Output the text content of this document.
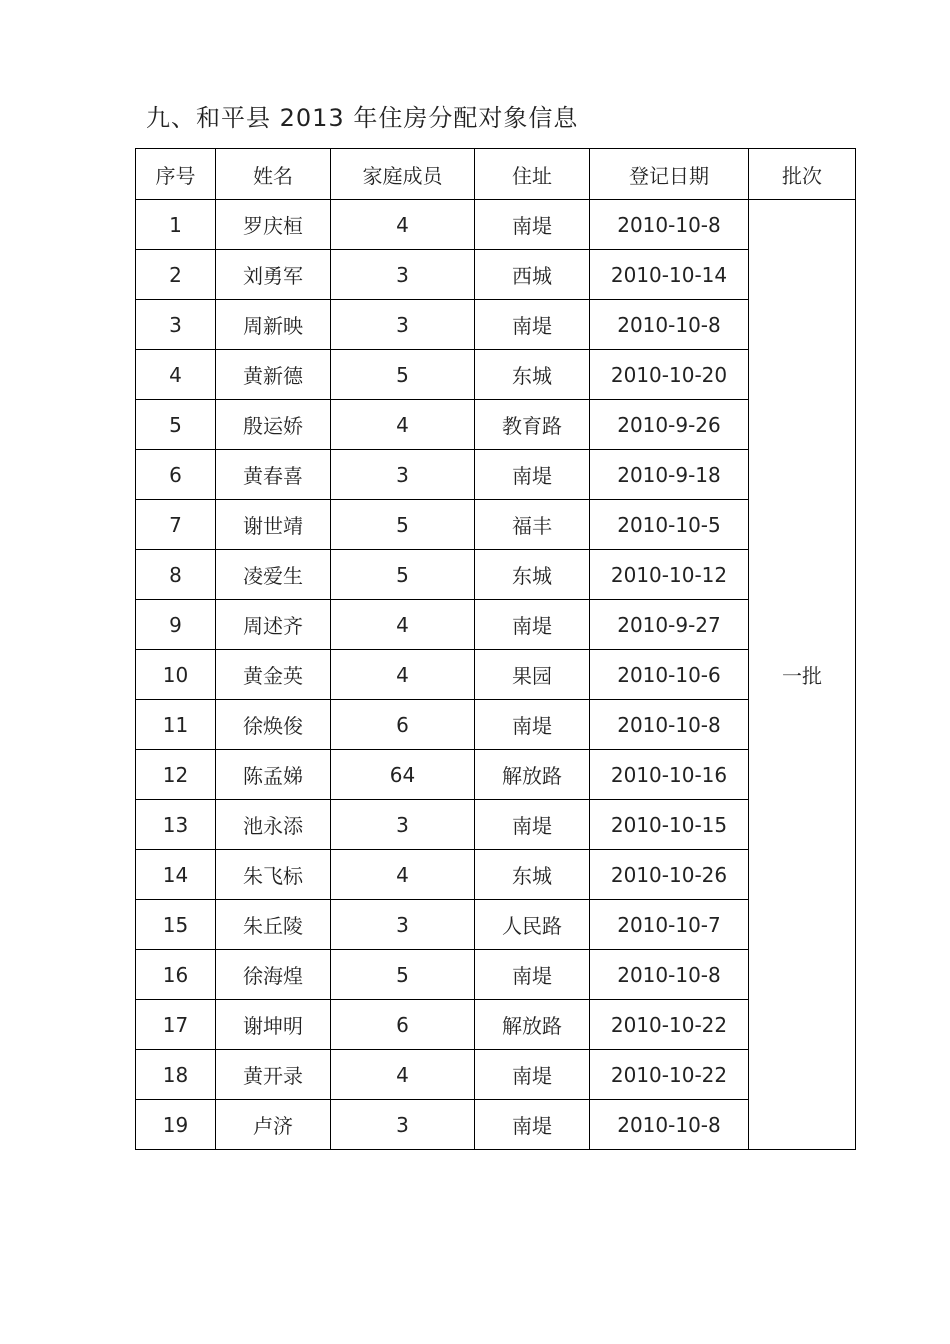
九、和平县 2013 年住房分配对象信息
序号	姓名	家庭成员	住址	登记日期	批次
1	罗庆桓	4	南堤	2010-10-8	一批
2	刘勇军	3	西城	2010-10-14	
3	周新映	3	南堤	2010-10-8	
4	黄新德	5	东城	2010-10-20	
5	殷运娇	4	教育路	2010-9-26	
6	黄春喜	3	南堤	2010-9-18	
7	谢世靖	5	福丰	2010-10-5	
8	凌爱生	5	东城	2010-10-12	
9	周述齐	4	南堤	2010-9-27	
10	黄金英	4	果园	2010-10-6	
11	徐焕俊	6	南堤	2010-10-8	
12	陈孟娣	64	解放路	2010-10-16	
13	池永添	3	南堤	2010-10-15	
14	朱飞标	4	东城	2010-10-26	
15	朱丘陵	3	人民路	2010-10-7	
16	徐海煌	5	南堤	2010-10-8	
17	谢坤明	6	解放路	2010-10-22	
18	黄开录	4	南堤	2010-10-22	
19	卢济	3	南堤	2010-10-8	
